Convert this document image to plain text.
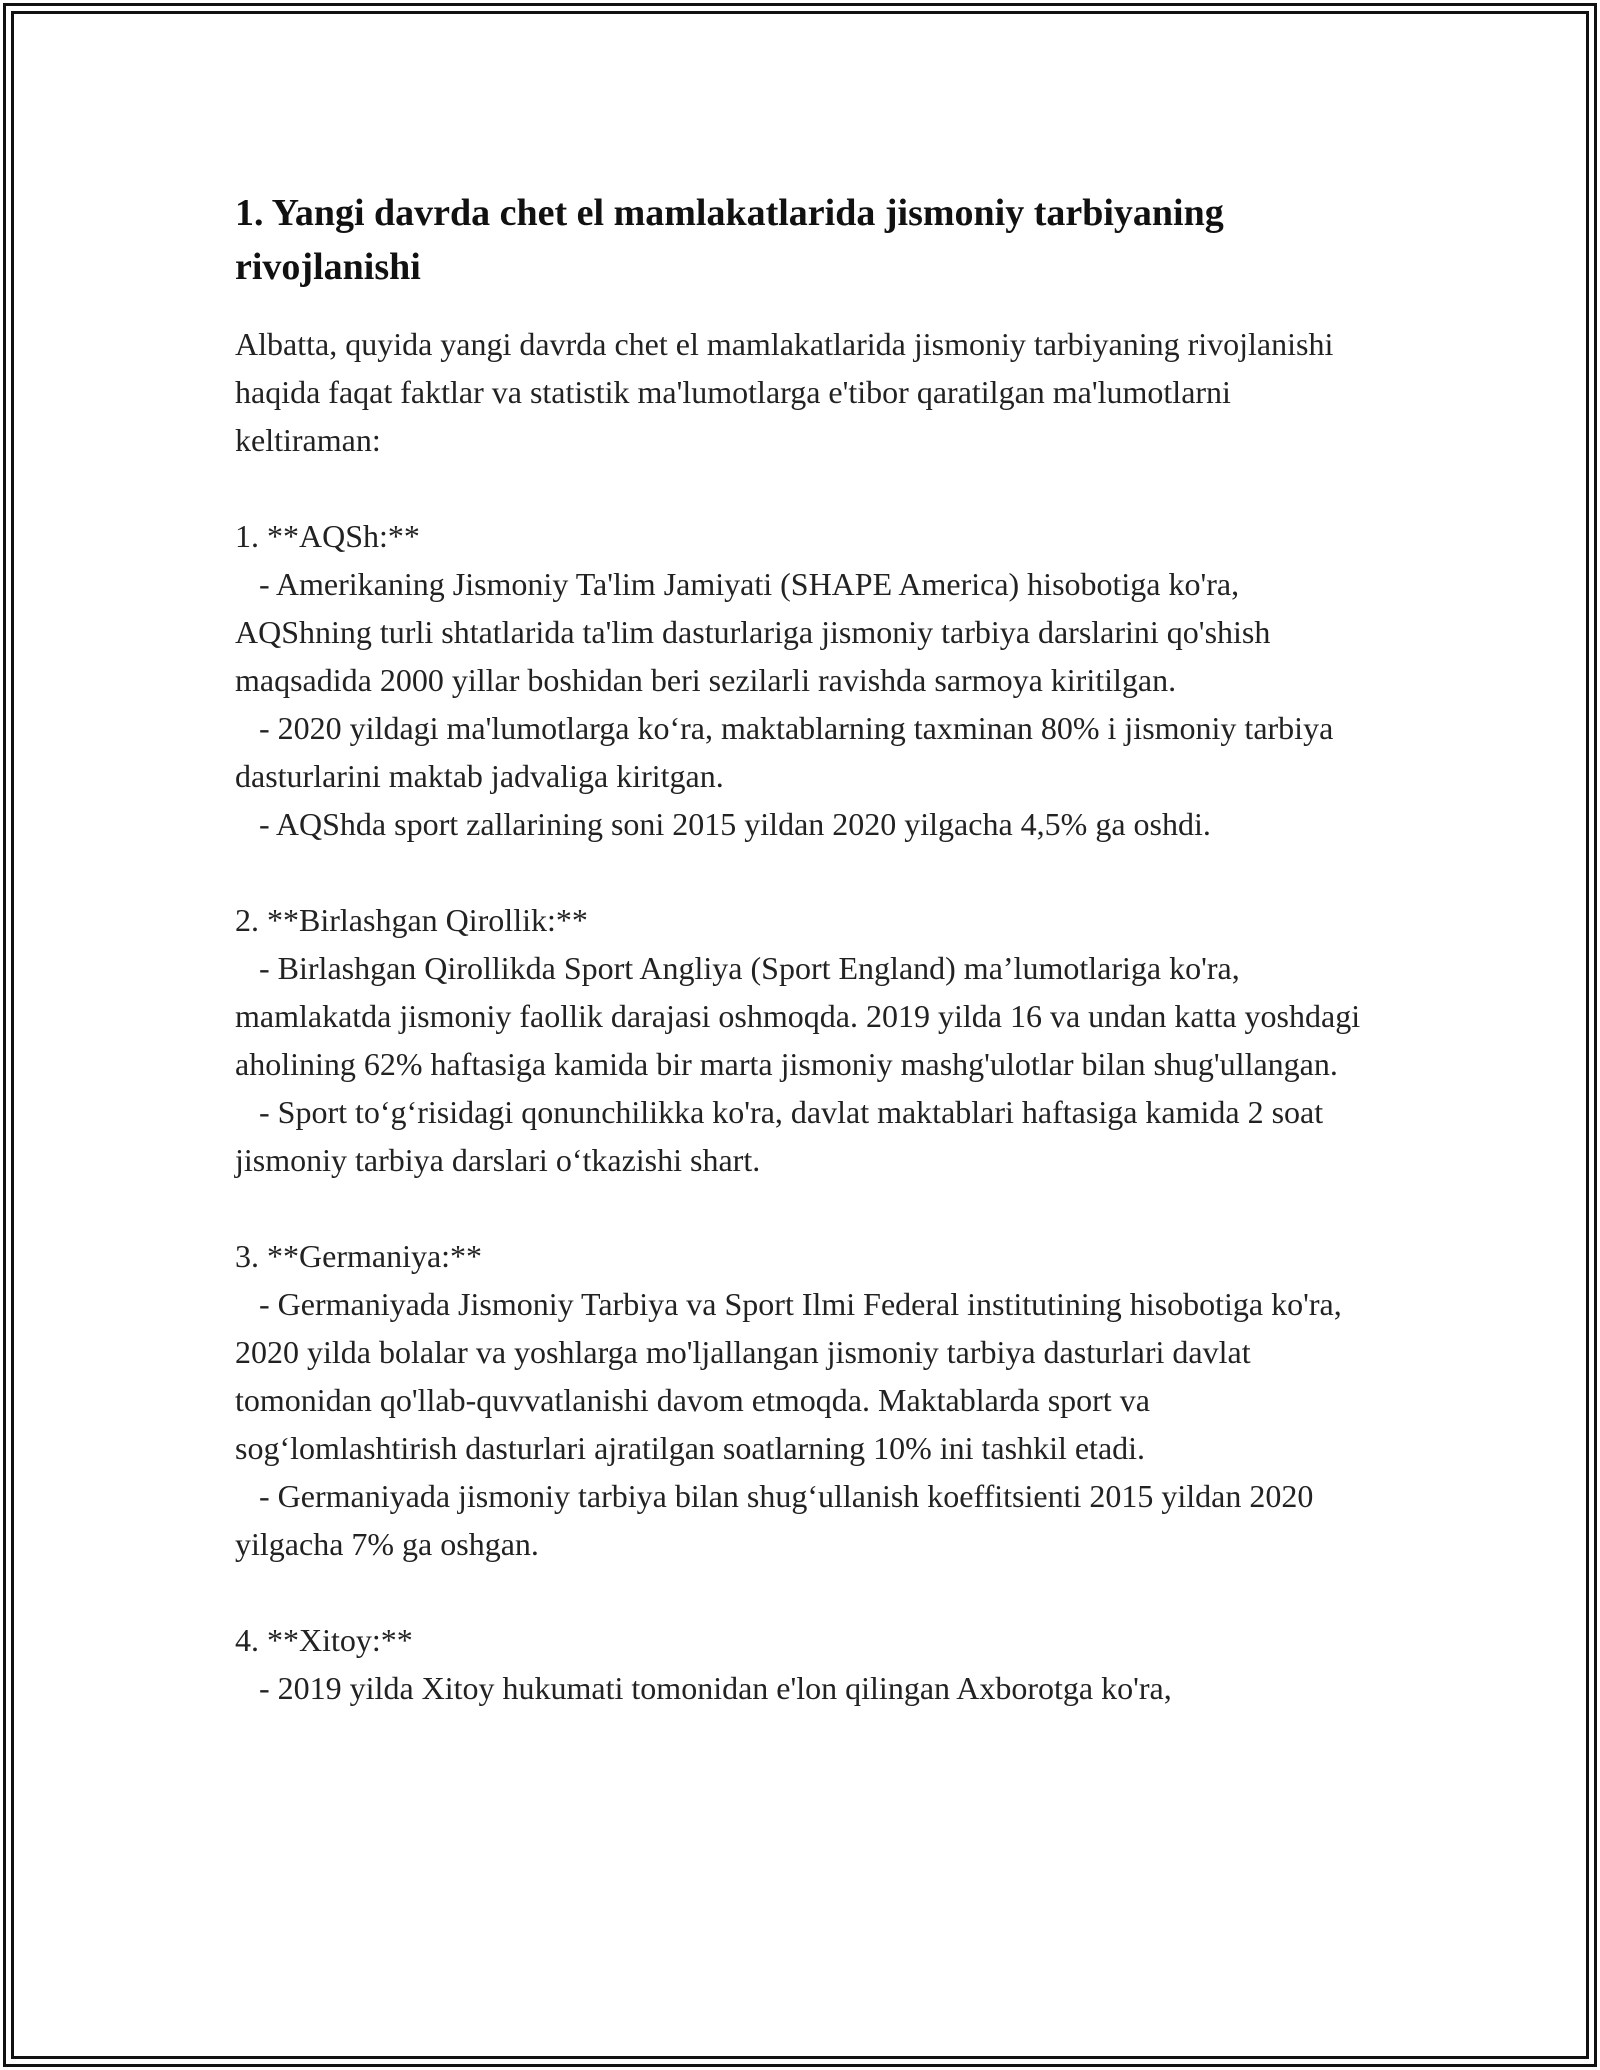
1. Yangi davrda chet el mamlakatlarida jismoniy tarbiyaning rivojlanishi

Albatta, quyida yangi davrda chet el mamlakatlarida jismoniy tarbiyaning rivojlanishi haqida faqat faktlar va statistik ma'lumotlarga e'tibor qaratilgan ma'lumotlarni keltiraman:

1. **AQSh:**

- Amerikaning Jismoniy Ta'lim Jamiyati (SHAPE America) hisobotiga ko'ra, AQShning turli shtatlarida ta'lim dasturlariga jismoniy tarbiya darslarini qo'shish maqsadida 2000 yillar boshidan beri sezilarli ravishda sarmoya kiritilgan.

- 2020 yildagi ma'lumotlarga koʻra, maktablarning taxminan 80% i jismoniy tarbiya dasturlarini maktab jadvaliga kiritgan.

- AQShda sport zallarining soni 2015 yildan 2020 yilgacha 4,5% ga oshdi.

2. **Birlashgan Qirollik:**

- Birlashgan Qirollikda Sport Angliya (Sport England) ma’lumotlariga ko'ra, mamlakatda jismoniy faollik darajasi oshmoqda. 2019 yilda 16 va undan katta yoshdagi aholining 62% haftasiga kamida bir marta jismoniy mashg'ulotlar bilan shug'ullangan.

- Sport toʻgʻrisidagi qonunchilikka ko'ra, davlat maktablari haftasiga kamida 2 soat jismoniy tarbiya darslari oʻtkazishi shart.

3. **Germaniya:**

- Germaniyada Jismoniy Tarbiya va Sport Ilmi Federal institutining hisobotiga ko'ra, 2020 yilda bolalar va yoshlarga mo'ljallangan jismoniy tarbiya dasturlari davlat tomonidan qo'llab-quvvatlanishi davom etmoqda. Maktablarda sport va sogʻlomlashtirish dasturlari ajratilgan soatlarning 10% ini tashkil etadi.

- Germaniyada jismoniy tarbiya bilan shugʻullanish koeffitsienti 2015 yildan 2020 yilgacha 7% ga oshgan.

4. **Xitoy:**

- 2019 yilda Xitoy hukumati tomonidan e'lon qilingan Axborotga ko'ra,
